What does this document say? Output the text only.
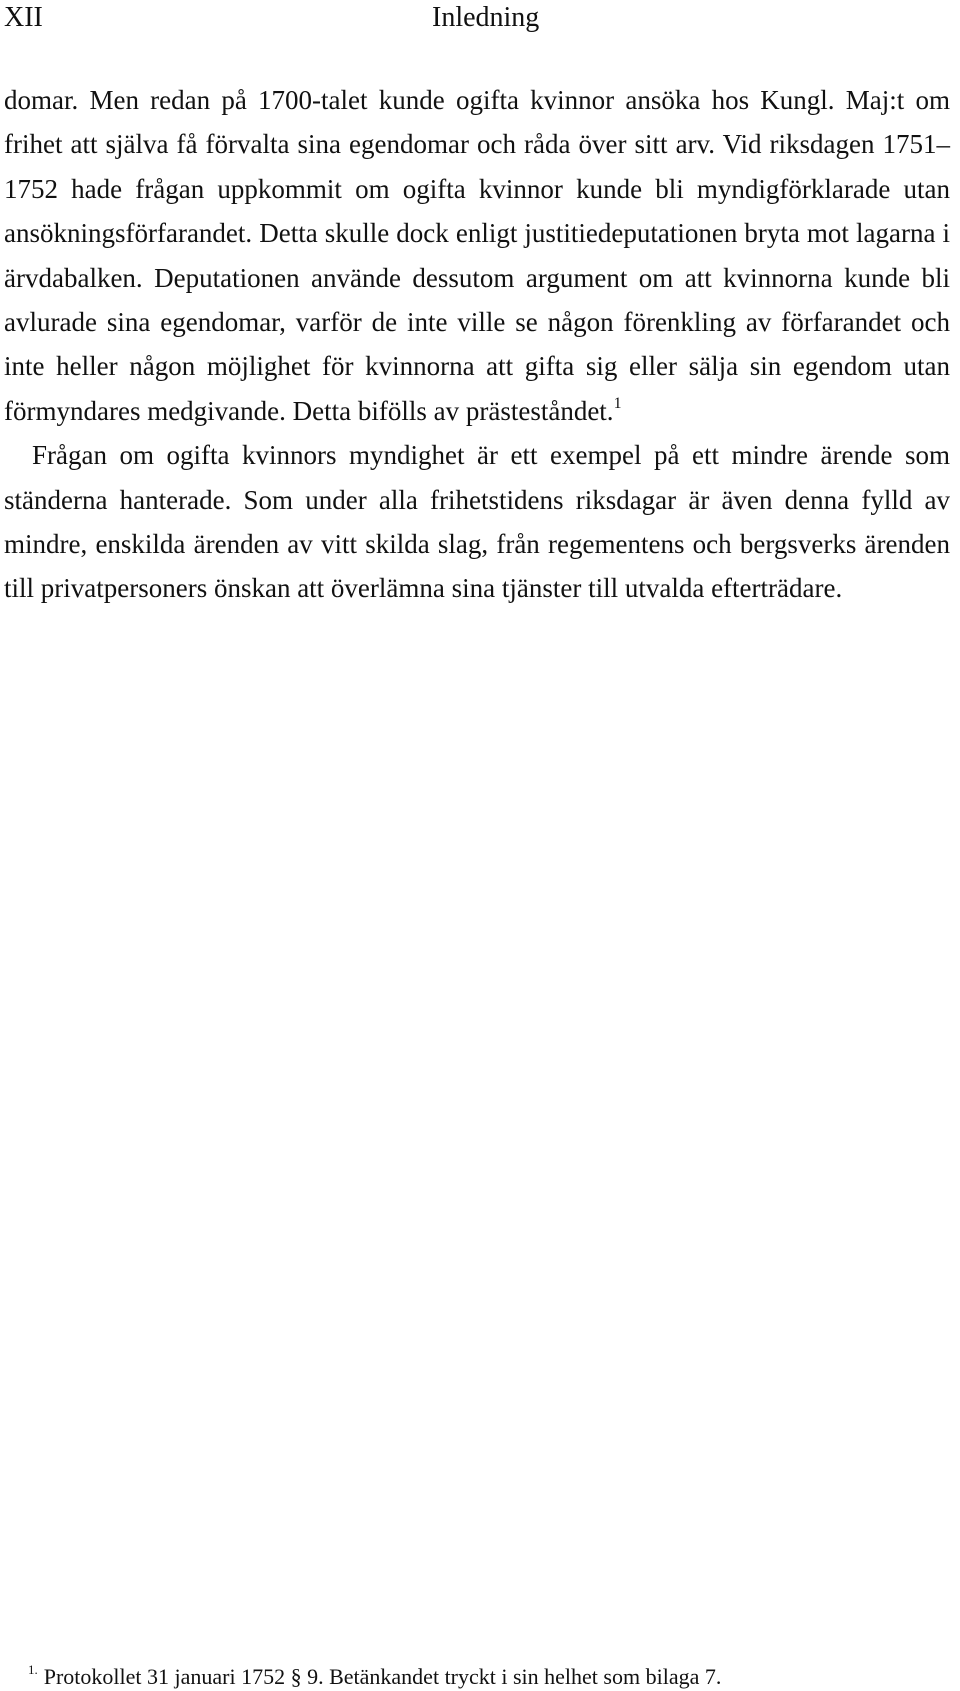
XII	Inledning

domar. Men redan på 1700-talet kunde ogifta kvinnor ansöka hos Kungl. Maj:t om frihet att själva få förvalta sina egendomar och råda över sitt arv. Vid riksdagen 1751–1752 hade frågan uppkommit om ogifta kvinnor kunde bli myndigförklarade utan ansökningsförfarandet. Detta skulle dock enligt justitiedeputationen bryta mot lagarna i ärvdabalken. Deputationen använde dessutom argument om att kvinnorna kunde bli avlurade sina egendomar, varför de inte ville se någon förenkling av förfarandet och inte heller någon möjlighet för kvinnorna att gifta sig eller sälja sin egendom utan förmyndares medgivande. Detta bifölls av prästeståndet.$^1$

Frågan om ogifta kvinnors myndighet är ett exempel på ett mindre ärende som ständerna hanterade. Som under alla frihetstidens riksdagar är även denna fylld av mindre, enskilda ärenden av vitt skilda slag, från regementens och bergsverks ärenden till privatpersoners önskan att överlämna sina tjänster till utvalda efterträdare.

$^{1.}$ Protokollet 31 januari 1752 § 9. Betänkandet tryckt i sin helhet som bilaga 7.
